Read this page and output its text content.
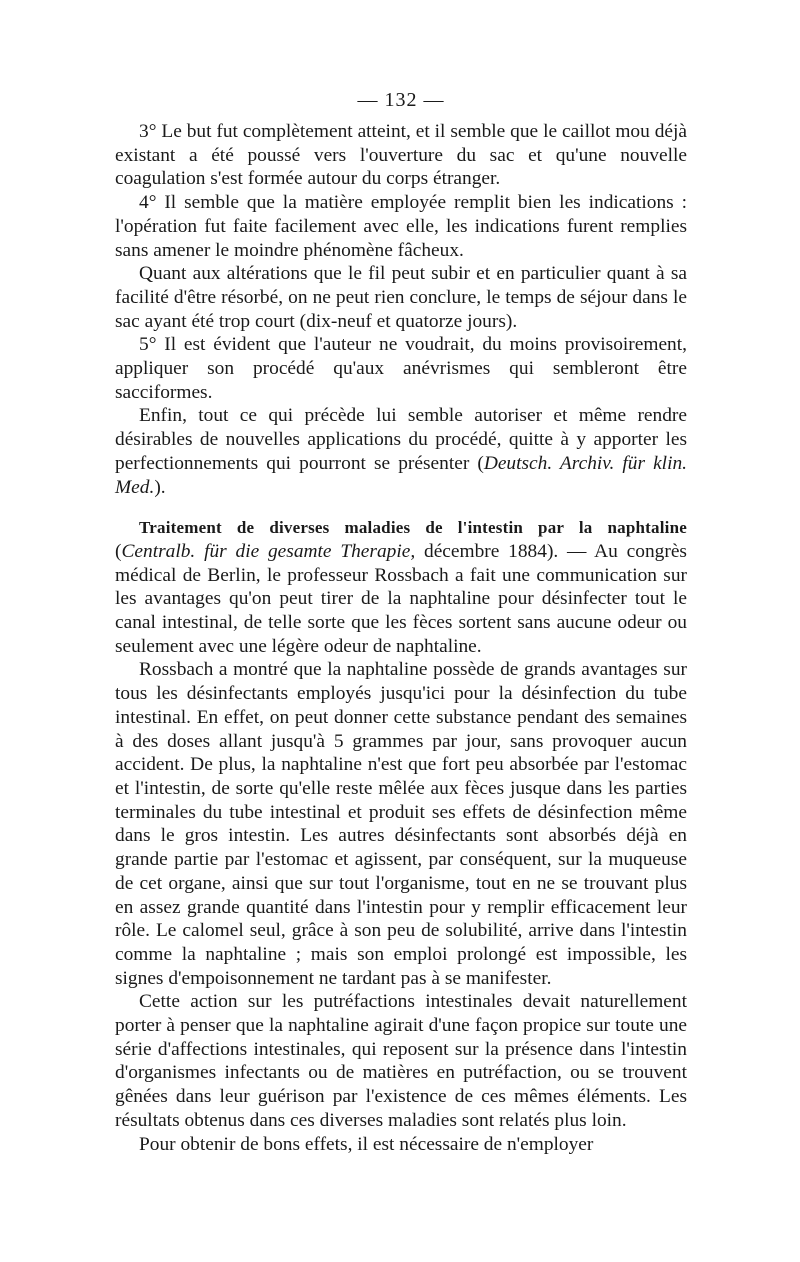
— 132 —

3° Le but fut complètement atteint, et il semble que le caillot mou déjà existant a été poussé vers l'ouverture du sac et qu'une nouvelle coagulation s'est formée autour du corps étranger.

4° Il semble que la matière employée remplit bien les indications : l'opération fut faite facilement avec elle, les indications furent remplies sans amener le moindre phénomène fâcheux.

Quant aux altérations que le fil peut subir et en particulier quant à sa facilité d'être résorbé, on ne peut rien conclure, le temps de séjour dans le sac ayant été trop court (dix-neuf et quatorze jours).

5° Il est évident que l'auteur ne voudrait, du moins provisoirement, appliquer son procédé qu'aux anévrismes qui sembleront être sacciformes.

Enfin, tout ce qui précède lui semble autoriser et même rendre désirables de nouvelles applications du procédé, quitte à y apporter les perfectionnements qui pourront se présenter (Deutsch. Archiv. für klin. Med.).

Traitement de diverses maladies de l'intestin par la naphtaline (Centralb. für die gesamte Therapie, décembre 1884). — Au congrès médical de Berlin, le professeur Rossbach a fait une communication sur les avantages qu'on peut tirer de la naphtaline pour désinfecter tout le canal intestinal, de telle sorte que les fèces sortent sans aucune odeur ou seulement avec une légère odeur de naphtaline.

Rossbach a montré que la naphtaline possède de grands avantages sur tous les désinfectants employés jusqu'ici pour la désinfection du tube intestinal. En effet, on peut donner cette substance pendant des semaines à des doses allant jusqu'à 5 grammes par jour, sans provoquer aucun accident. De plus, la naphtaline n'est que fort peu absorbée par l'estomac et l'intestin, de sorte qu'elle reste mêlée aux fèces jusque dans les parties terminales du tube intestinal et produit ses effets de désinfection même dans le gros intestin. Les autres désinfectants sont absorbés déjà en grande partie par l'estomac et agissent, par conséquent, sur la muqueuse de cet organe, ainsi que sur tout l'organisme, tout en ne se trouvant plus en assez grande quantité dans l'intestin pour y remplir efficacement leur rôle. Le calomel seul, grâce à son peu de solubilité, arrive dans l'intestin comme la naphtaline ; mais son emploi prolongé est impossible, les signes d'empoisonnement ne tardant pas à se manifester.

Cette action sur les putréfactions intestinales devait naturellement porter à penser que la naphtaline agirait d'une façon propice sur toute une série d'affections intestinales, qui reposent sur la présence dans l'intestin d'organismes infectants ou de matières en putréfaction, ou se trouvent gênées dans leur guérison par l'existence de ces mêmes éléments. Les résultats obtenus dans ces diverses maladies sont relatés plus loin.

Pour obtenir de bons effets, il est nécessaire de n'employer
